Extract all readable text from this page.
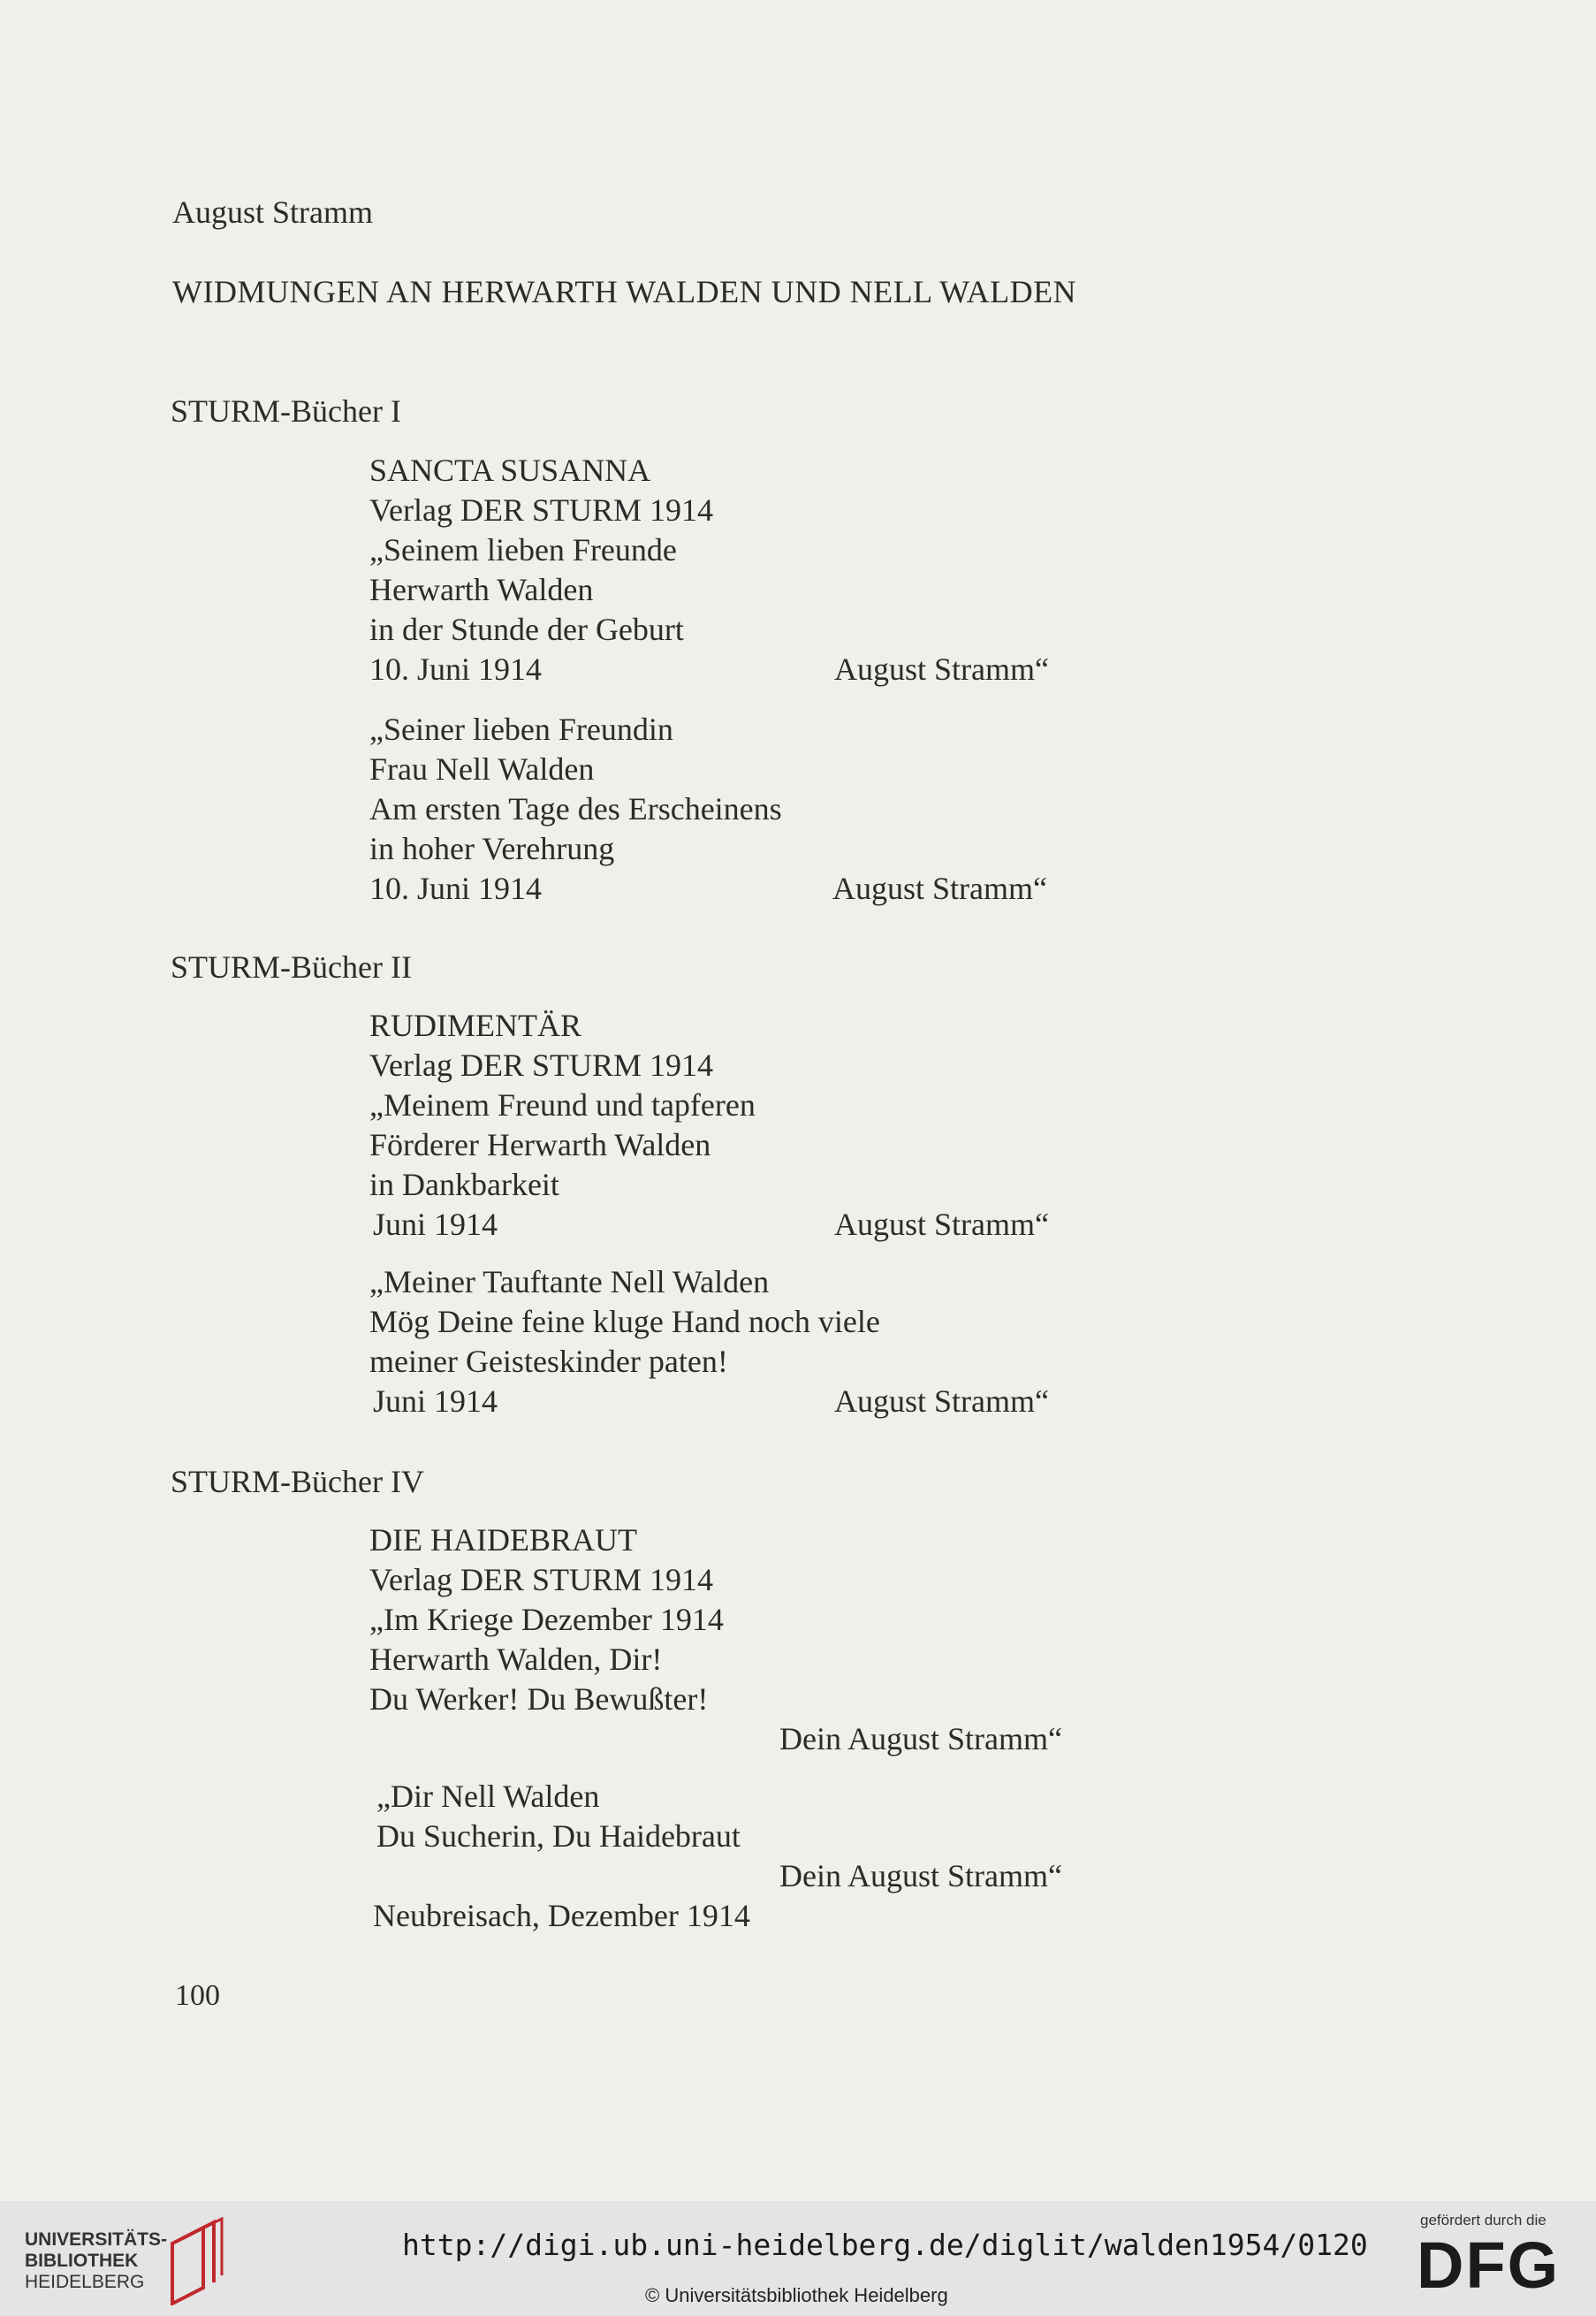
August Stramm
WIDMUNGEN AN HERWARTH WALDEN UND NELL WALDEN
STURM-Bücher I
SANCTA SUSANNA
Verlag DER STURM 1914
„Seinem lieben Freunde
Herwarth Walden
in der Stunde der Geburt
10. Juni 1914	August Stramm“
„Seiner lieben Freundin
Frau Nell Walden
Am ersten Tage des Erscheinens
in hoher Verehrung
10. Juni 1914	August Stramm“
STURM-Bücher II
RUDIMENTÄR
Verlag DER STURM 1914
„Meinem Freund und tapferen
Förderer Herwarth Walden
in Dankbarkeit
Juni 1914	August Stramm“
„Meiner Tauftante Nell Walden
Mög Deine feine kluge Hand noch viele
meiner Geisteskinder paten!
Juni 1914	August Stramm“
STURM-Bücher IV
DIE HAIDEBRAUT
Verlag DER STURM 1914
„Im Kriege Dezember 1914
Herwarth Walden, Dir!
Du Werker! Du Bewußter!
Dein August Stramm“
„Dir Nell Walden
Du Sucherin, Du Haidebraut
Dein August Stramm“
Neubreisach, Dezember 1914
100
UNIVERSITÄTS-
BIBLIOTHEK
HEIDELBERG
http://digi.ub.uni-heidelberg.de/diglit/walden1954/0120
© Universitätsbibliothek Heidelberg
gefördert durch die
DFG
